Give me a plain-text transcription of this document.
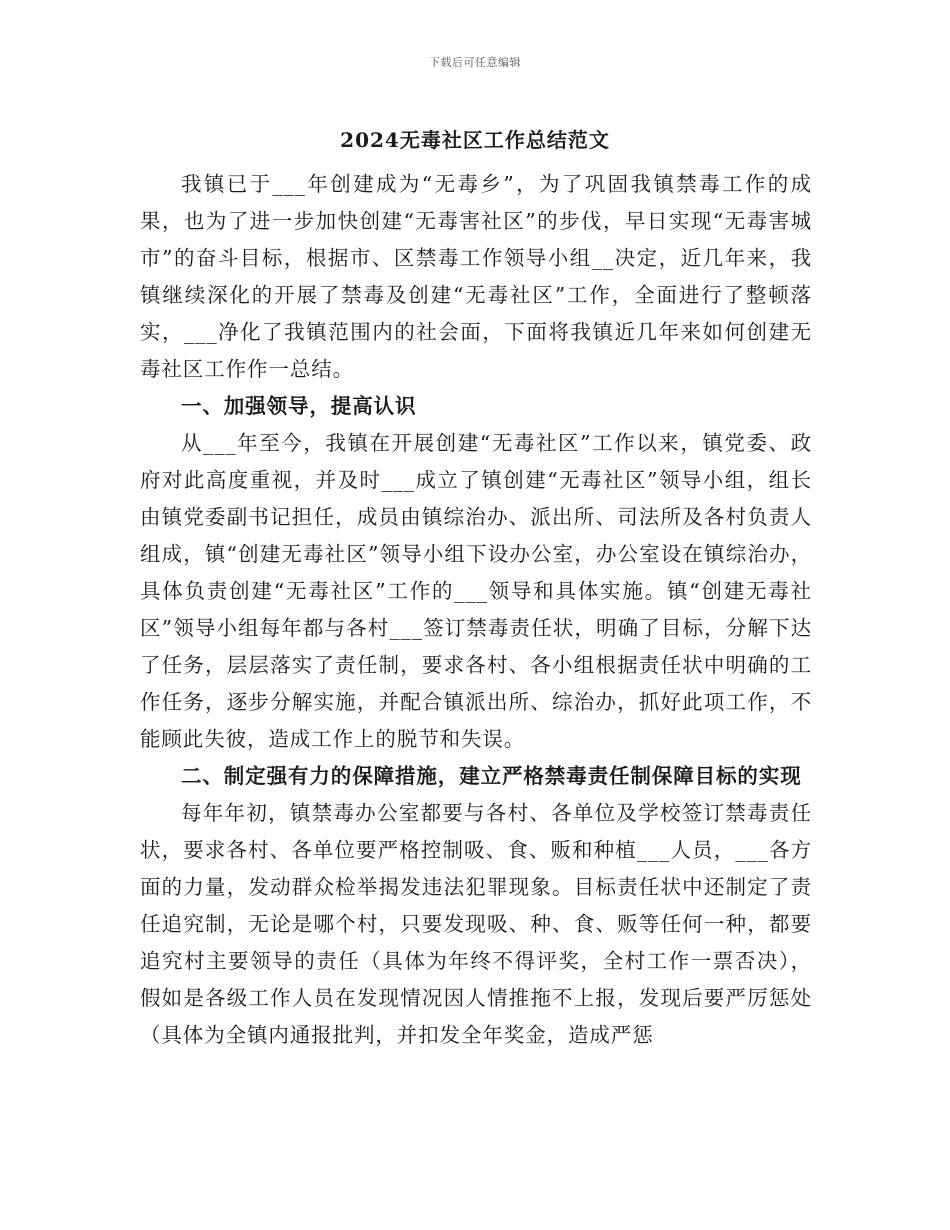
下载后可任意编辑
2024无毒社区工作总结范文

我镇已于___年创建成为“无毒乡”，为了巩固我镇禁毒工作的成果，也为了进一步加快创建“无毒害社区”的步伐，早日实现“无毒害城市”的奋斗目标，根据市、区禁毒工作领导小组__决定，近几年来，我镇继续深化的开展了禁毒及创建“无毒社区”工作，全面进行了整顿落实，___净化了我镇范围内的社会面，下面将我镇近几年来如何创建无毒社区工作作一总结。

一、加强领导，提高认识

从___年至今，我镇在开展创建“无毒社区”工作以来，镇党委、政府对此高度重视，并及时___成立了镇创建“无毒社区”领导小组，组长由镇党委副书记担任，成员由镇综治办、派出所、司法所及各村负责人组成，镇“创建无毒社区”领导小组下设办公室，办公室设在镇综治办，具体负责创建“无毒社区”工作的___领导和具体实施。镇“创建无毒社区”领导小组每年都与各村___签订禁毒责任状，明确了目标，分解下达了任务，层层落实了责任制，要求各村、各小组根据责任状中明确的工作任务，逐步分解实施，并配合镇派出所、综治办，抓好此项工作，不能顾此失彼，造成工作上的脱节和失误。

二、制定强有力的保障措施，建立严格禁毒责任制保障目标的实现

每年年初，镇禁毒办公室都要与各村、各单位及学校签订禁毒责任状，要求各村、各单位要严格控制吸、食、贩和种植___人员，___各方面的力量，发动群众检举揭发违法犯罪现象。目标责任状中还制定了责任追究制，无论是哪个村，只要发现吸、种、食、贩等任何一种，都要追究村主要领导的责任（具体为年终不得评奖，全村工作一票否决），假如是各级工作人员在发现情况因人情推拖不上报，发现后要严厉惩处（具体为全镇内通报批判，并扣发全年奖金，造成严惩
